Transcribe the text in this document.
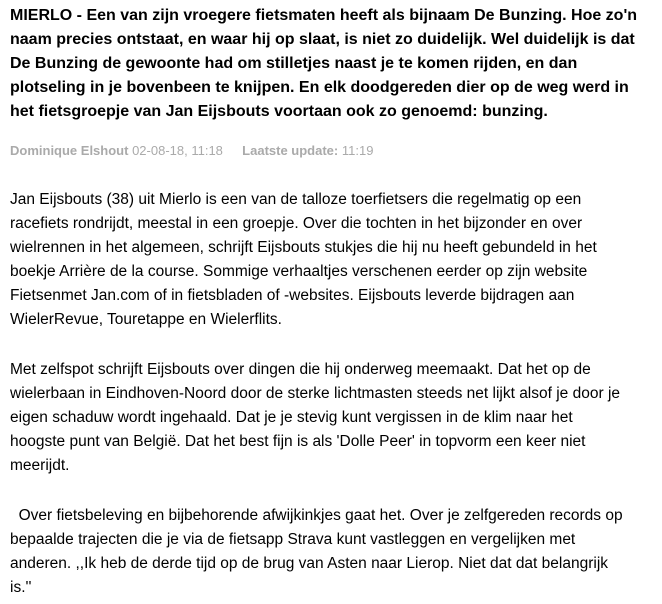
MIERLO - Een van zijn vroegere fietsmaten heeft als bijnaam De Bunzing. Hoe zo'n
naam precies ontstaat, en waar hij op slaat, is niet zo duidelijk. Wel duidelijk is dat
De Bunzing de gewoonte had om stilletjes naast je te komen rijden, en dan
plotseling in je bovenbeen te knijpen. En elk doodgereden dier op de weg werd in
het fietsgroepje van Jan Eijsbouts voortaan ook zo genoemd: bunzing.
Dominique Elshout 02-08-18, 11:18 Laatste update: 11:19
Jan Eijsbouts (38) uit Mierlo is een van de talloze toerfietsers die regelmatig op een
racefiets rondrijdt, meestal in een groepje. Over die tochten in het bijzonder en over
wielrennen in het algemeen, schrijft Eijsbouts stukjes die hij nu heeft gebundeld in het
boekje Arrière de la course. Sommige verhaaltjes verschenen eerder op zijn website
Fietsenmet Jan.com of in fietsbladen of -websites. Eijsbouts leverde bijdragen aan
WielerRevue, Touretappe en Wielerflits.
Met zelfspot schrijft Eijsbouts over dingen die hij onderweg meemaakt. Dat het op de
wielerbaan in Eindhoven-Noord door de sterke lichtmasten steeds net lijkt alsof je door je
eigen schaduw wordt ingehaald. Dat je je stevig kunt vergissen in de klim naar het
hoogste punt van België. Dat het best fijn is als 'Dolle Peer' in topvorm een keer niet
meerijdt.
Over fietsbeleving en bijbehorende afwijkinkjes gaat het. Over je zelfgereden records op
bepaalde trajecten die je via de fietsapp Strava kunt vastleggen en vergelijken met
anderen. ,,Ik heb de derde tijd op de brug van Asten naar Lierop. Niet dat dat belangrijk
is.''
